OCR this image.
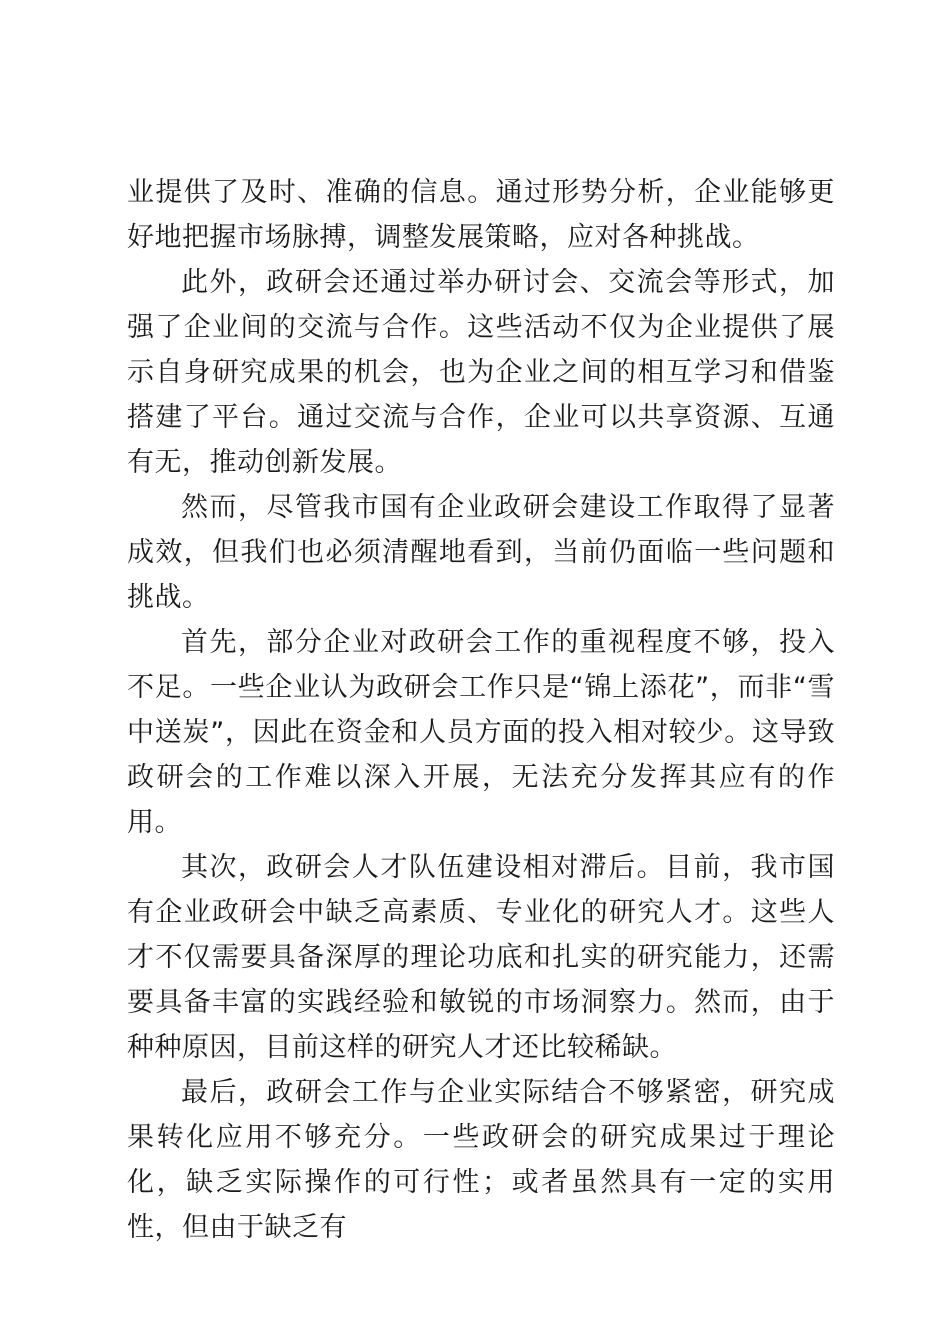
业提供了及时、准确的信息。通过形势分析，企业能够更好地把握市场脉搏，调整发展策略，应对各种挑战。

此外，政研会还通过举办研讨会、交流会等形式，加强了企业间的交流与合作。这些活动不仅为企业提供了展示自身研究成果的机会，也为企业之间的相互学习和借鉴搭建了平台。通过交流与合作，企业可以共享资源、互通有无，推动创新发展。

然而，尽管我市国有企业政研会建设工作取得了显著成效，但我们也必须清醒地看到，当前仍面临一些问题和挑战。

首先，部分企业对政研会工作的重视程度不够，投入不足。一些企业认为政研会工作只是“锦上添花”，而非“雪中送炭”，因此在资金和人员方面的投入相对较少。这导致政研会的工作难以深入开展，无法充分发挥其应有的作用。

其次，政研会人才队伍建设相对滞后。目前，我市国有企业政研会中缺乏高素质、专业化的研究人才。这些人才不仅需要具备深厚的理论功底和扎实的研究能力，还需要具备丰富的实践经验和敏锐的市场洞察力。然而，由于种种原因，目前这样的研究人才还比较稀缺。

最后，政研会工作与企业实际结合不够紧密，研究成果转化应用不够充分。一些政研会的研究成果过于理论化，缺乏实际操作的可行性；或者虽然具有一定的实用性，但由于缺乏有
